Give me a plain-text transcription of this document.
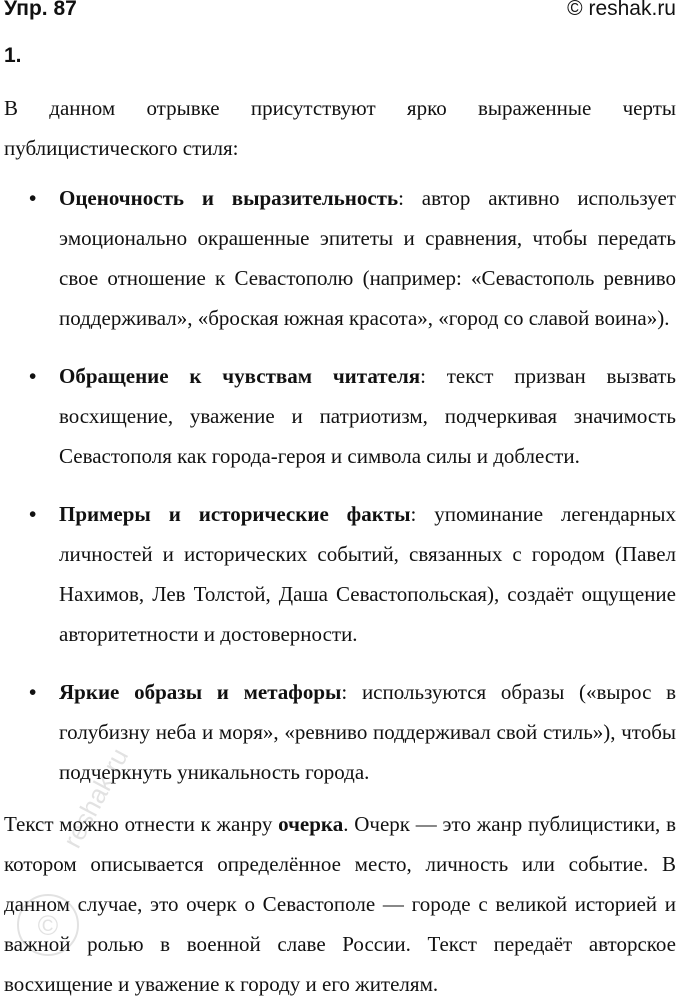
Упр. 87	© reshak.ru
1.

В данном отрывке присутствуют ярко выраженные черты публицистического стиля:

• Оценочность и выразительность: автор активно использует эмоционально окрашенные эпитеты и сравнения, чтобы передать свое отношение к Севастополю (например: «Севастополь ревниво поддерживал», «броская южная красота», «город со славой воина»).
• Обращение к чувствам читателя: текст призван вызвать восхищение, уважение и патриотизм, подчеркивая значимость Севастополя как города-героя и символа силы и доблести.
• Примеры и исторические факты: упоминание легендарных личностей и исторических событий, связанных с городом (Павел Нахимов, Лев Толстой, Даша Севастопольская), создаёт ощущение авторитетности и достоверности.
• Яркие образы и метафоры: используются образы («вырос в голубизну неба и моря», «ревниво поддерживал свой стиль»), чтобы подчеркнуть уникальность города.

Текст можно отнести к жанру очерка. Очерк — это жанр публицистики, в котором описывается определённое место, личность или событие. В данном случае, это очерк о Севастополе — городе с великой историей и важной ролью в военной славе России. Текст передаёт авторское восхищение и уважение к городу и его жителям.

©
reshak.ru
